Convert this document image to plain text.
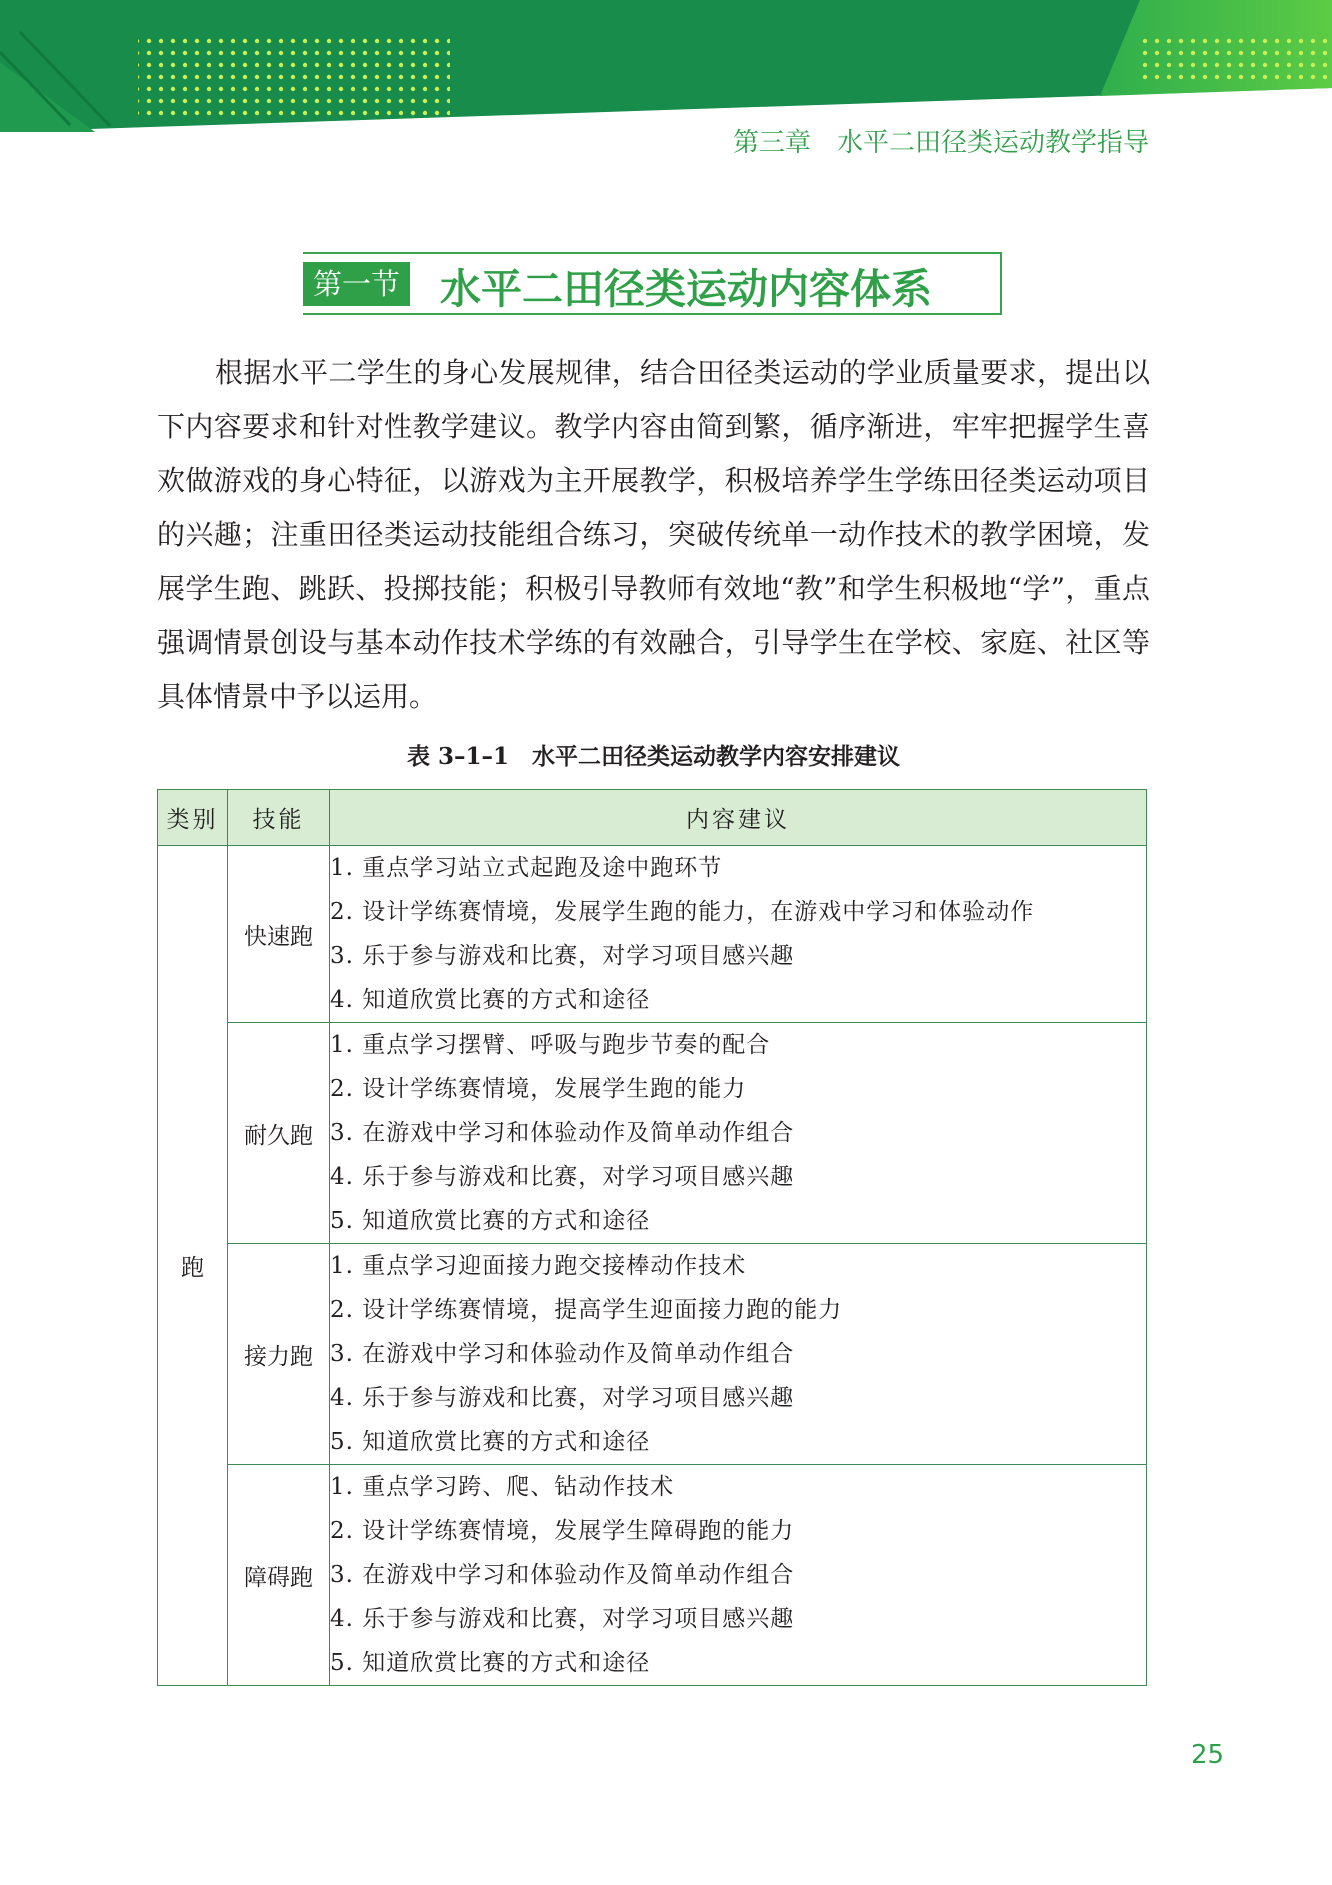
第三章 水平二田径类运动教学指导
第一节 水平二田径类运动内容体系

根据水平二学生的身心发展规律，结合田径类运动的学业质量要求，提出以下内容要求和针对性教学建议。教学内容由简到繁，循序渐进，牢牢把握学生喜欢做游戏的身心特征，以游戏为主开展教学，积极培养学生学练田径类运动项目的兴趣；注重田径类运动技能组合练习，突破传统单一动作技术的教学困境，发展学生跑、跳跃、投掷技能；积极引导教师有效地“教”和学生积极地“学”，重点强调情景创设与基本动作技术学练的有效融合，引导学生在学校、家庭、社区等具体情景中予以运用。

表 3–1–1　水平二田径类运动教学内容安排建议
类别	技能	内容建议
跑	快速跑	1. 重点学习站立式起跑及途中跑环节
2. 设计学练赛情境，发展学生跑的能力，在游戏中学习和体验动作
3. 乐于参与游戏和比赛，对学习项目感兴趣
4. 知道欣赏比赛的方式和途径

	耐久跑	1. 重点学习摆臂、呼吸与跑步节奏的配合
2. 设计学练赛情境，发展学生跑的能力
3. 在游戏中学习和体验动作及简单动作组合
4. 乐于参与游戏和比赛，对学习项目感兴趣
5. 知道欣赏比赛的方式和途径

	接力跑	1. 重点学习迎面接力跑交接棒动作技术
2. 设计学练赛情境，提高学生迎面接力跑的能力
3. 在游戏中学习和体验动作及简单动作组合
4. 乐于参与游戏和比赛，对学习项目感兴趣
5. 知道欣赏比赛的方式和途径

	障碍跑	1. 重点学习跨、爬、钻动作技术
2. 设计学练赛情境，发展学生障碍跑的能力
3. 在游戏中学习和体验动作及简单动作组合
4. 乐于参与游戏和比赛，对学习项目感兴趣
5. 知道欣赏比赛的方式和途径
25
